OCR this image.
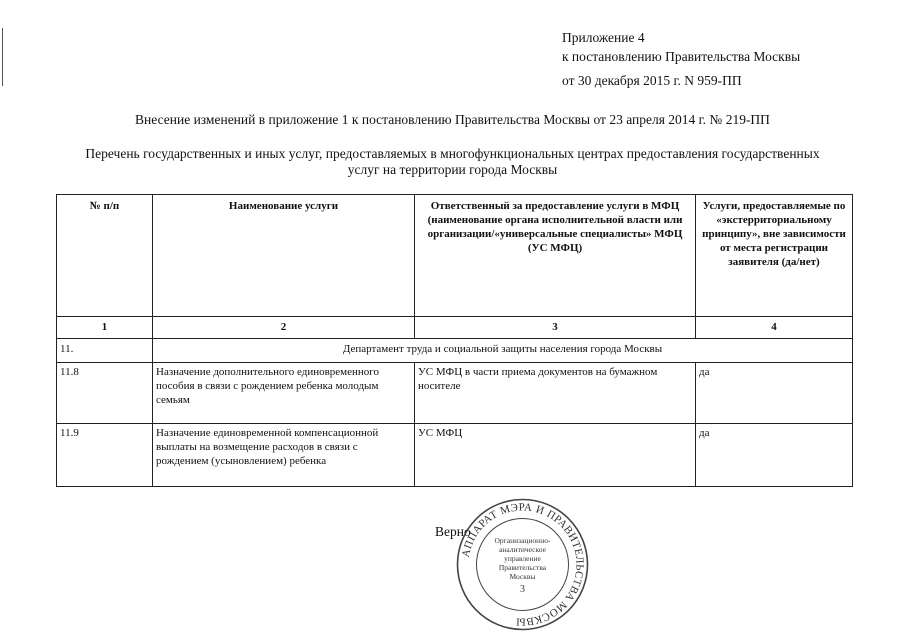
Приложение 4
к постановлению Правительства Москвы
от 30 декабря 2015 г. N 959-ПП
Внесение изменений в приложение 1 к постановлению Правительства Москвы от 23 апреля 2014 г. № 219-ПП
Перечень государственных и иных услуг, предоставляемых в многофункциональных центрах предоставления государственных услуг на территории города Москвы
№ п/п	Наименование услуги	Ответственный за предоставление услуги в МФЦ (наименование органа исполнительной власти или организации/«универсальные специалисты» МФЦ (УС МФЦ)	Услуги, предоставляемые по «экстерриториальному принципу», вне зависимости от места регистрации заявителя (да/нет)
1	2	3	4
11.	Департамент труда и социальной защиты населения города Москвы		
11.8	Назначение дополнительного единовременного пособия в связи с рождением ребенка молодым семьям	УС МФЦ в части приема документов на бумажном носителе	да
11.9	Назначение единовременной компенсационной выплаты на возмещение расходов в связи с рождением (усыновлением) ребенка	УС МФЦ	да
Верно
АППАРАТ МЭРА И ПРАВИТЕЛЬСТВА МОСКВЫ
Организационно-
аналитическое
управление
Правительства
Москвы
3
